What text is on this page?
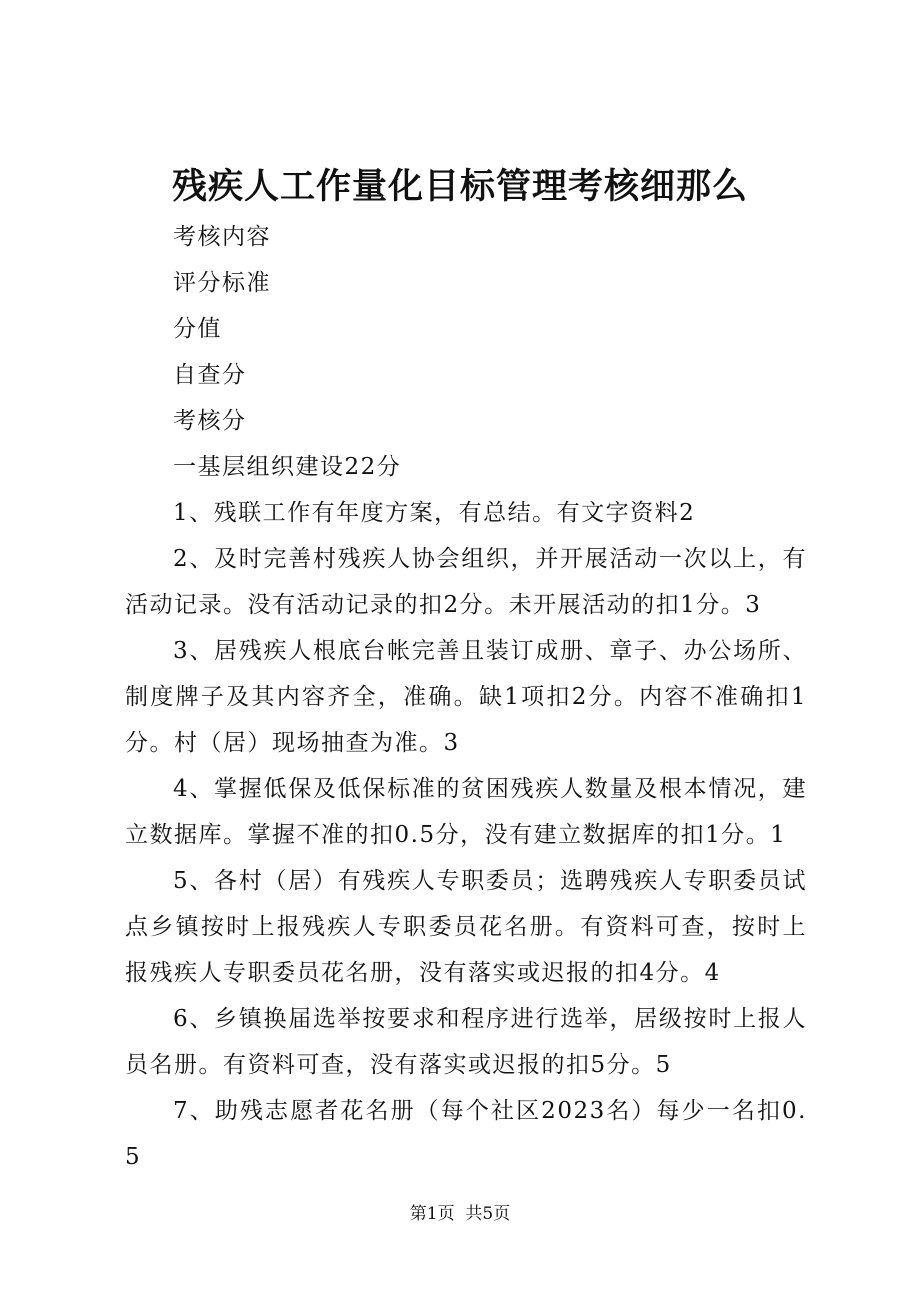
残疾人工作量化目标管理考核细那么

考核内容

评分标准

分值

自查分

考核分

一基层组织建设22分

1、残联工作有年度方案，有总结。有文字资料2

2、及时完善村残疾人协会组织，并开展活动一次以上，有活动记录。没有活动记录的扣2分。未开展活动的扣1分。3

3、居残疾人根底台帐完善且装订成册、章子、办公场所、制度牌子及其内容齐全，准确。缺1项扣2分。内容不准确扣1分。村（居）现场抽查为准。3

4、掌握低保及低保标准的贫困残疾人数量及根本情况，建立数据库。掌握不准的扣0.5分，没有建立数据库的扣1分。1

5、各村（居）有残疾人专职委员；选聘残疾人专职委员试点乡镇按时上报残疾人专职委员花名册。有资料可查，按时上报残疾人专职委员花名册，没有落实或迟报的扣4分。4

6、乡镇换届选举按要求和程序进行选举，居级按时上报人员名册。有资料可查，没有落实或迟报的扣5分。5

7、助残志愿者花名册（每个社区2023名）每少一名扣0.5

第1页  共5页
